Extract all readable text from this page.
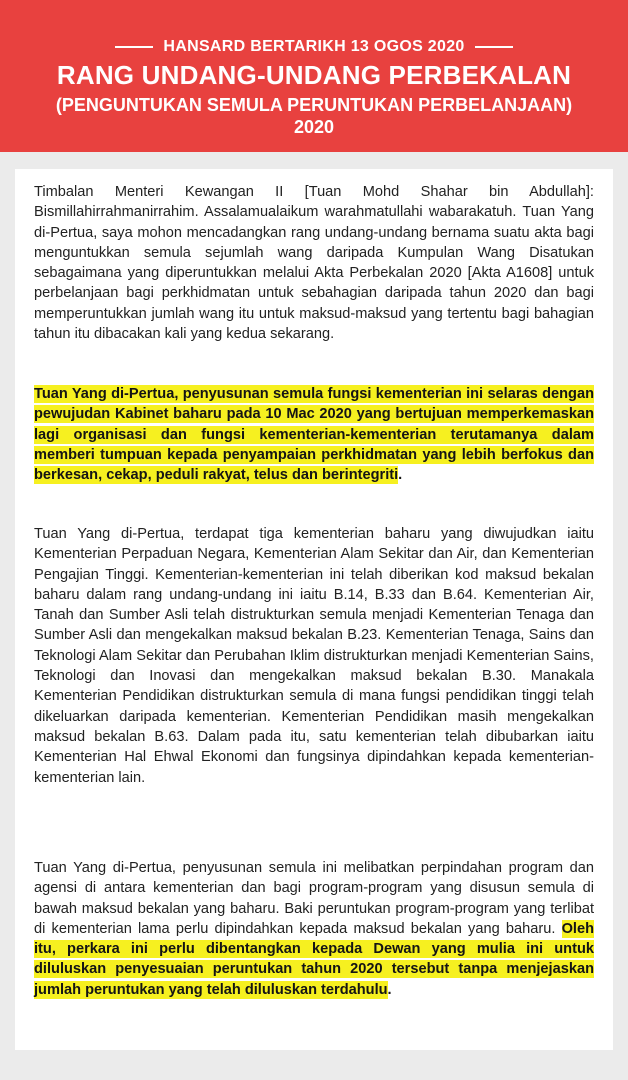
HANSARD BERTARIKH 13 OGOS 2020
RANG UNDANG-UNDANG PERBEKALAN
(PENGUNTUKAN SEMULA PERUNTUKAN PERBELANJAAN)
2020
Timbalan Menteri Kewangan II [Tuan Mohd Shahar bin Abdullah]: Bismillahirrahmanirrahim. Assalamualaikum warahmatullahi wabarakatuh. Tuan Yang di-Pertua, saya mohon mencadangkan rang undang-undang bernama suatu akta bagi menguntukkan semula sejumlah wang daripada Kumpulan Wang Disatukan sebagaimana yang diperuntukkan melalui Akta Perbekalan 2020 [Akta A1608] untuk perbelanjaan bagi perkhidmatan untuk sebahagian daripada tahun 2020 dan bagi memperuntukkan jumlah wang itu untuk maksud-maksud yang tertentu bagi bahagian tahun itu dibacakan kali yang kedua sekarang.
Tuan Yang di-Pertua, penyusunan semula fungsi kementerian ini selaras dengan pewujudan Kabinet baharu pada 10 Mac 2020 yang bertujuan memperkemaskan lagi organisasi dan fungsi kementerian-kementerian terutamanya dalam memberi tumpuan kepada penyampaian perkhidmatan yang lebih berfokus dan berkesan, cekap, peduli rakyat, telus dan berintegriti.
Tuan Yang di-Pertua, terdapat tiga kementerian baharu yang diwujudkan iaitu Kementerian Perpaduan Negara, Kementerian Alam Sekitar dan Air, dan Kementerian Pengajian Tinggi. Kementerian-kementerian ini telah diberikan kod maksud bekalan baharu dalam rang undang-undang ini iaitu B.14, B.33 dan B.64. Kementerian Air, Tanah dan Sumber Asli telah distrukturkan semula menjadi Kementerian Tenaga dan Sumber Asli dan mengekalkan maksud bekalan B.23. Kementerian Tenaga, Sains dan Teknologi Alam Sekitar dan Perubahan Iklim distrukturkan menjadi Kementerian Sains, Teknologi dan Inovasi dan mengekalkan maksud bekalan B.30. Manakala Kementerian Pendidikan distrukturkan semula di mana fungsi pendidikan tinggi telah dikeluarkan daripada kementerian. Kementerian Pendidikan masih mengekalkan maksud bekalan B.63. Dalam pada itu, satu kementerian telah dibubarkan iaitu Kementerian Hal Ehwal Ekonomi dan fungsinya dipindahkan kepada kementerian-kementerian lain.
Tuan Yang di-Pertua, penyusunan semula ini melibatkan perpindahan program dan agensi di antara kementerian dan bagi program-program yang disusun semula di bawah maksud bekalan yang baharu. Baki peruntukan program-program yang terlibat di kementerian lama perlu dipindahkan kepada maksud bekalan yang baharu. Oleh itu, perkara ini perlu dibentangkan kepada Dewan yang mulia ini untuk diluluskan penyesuaian peruntukan tahun 2020 tersebut tanpa menjejaskan jumlah peruntukan yang telah diluluskan terdahulu.
